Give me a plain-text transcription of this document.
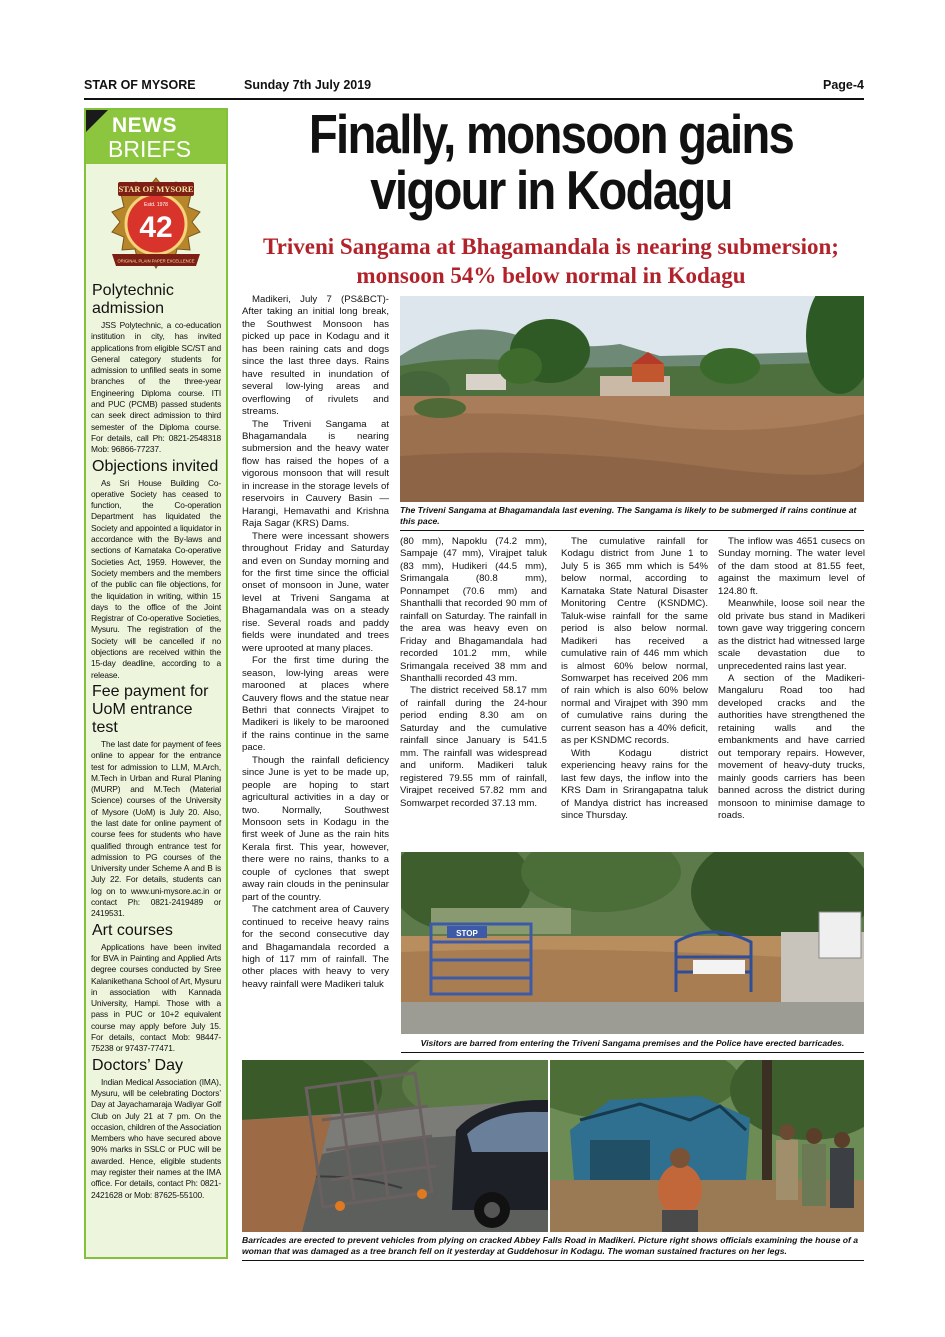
STAR OF MYSORE	Sunday 7th July 2019	Page-4
NEWS
BRIEFS
STAR OF MYSORE
Estd. 1978
42
ORIGINAL PLAIN PAPER EXCELLENCE
Polytechnic admission

JSS Polytechnic, a co-education institution in city, has invited applications from eligible SC/ST and General category students for admission to unfilled seats in some branches of the three-year Engineering Diploma course. ITI and PUC (PCMB) passed students can seek direct admission to third semester of the Diploma course. For details, call Ph: 0821-2548318 Mob: 96866-77237.

Objections invited

As Sri House Building Co-operative Society has ceased to function, the Co-operation Department has liquidated the Society and appointed a liquidator in accordance with the By-laws and sections of Karnataka Co-operative Societies Act, 1959. However, the Society members and the members of the public can file objections, for the liquidation in writing, within 15 days to the office of the Joint Registrar of Co-operative Societies, Mysuru. The registration of the Society will be cancelled if no objections are received within the 15-day deadline, according to a release.

Fee payment for UoM entrance test

The last date for payment of fees online to appear for the entrance test for admission to LLM, M.Arch, M.Tech in Urban and Rural Planing (MURP) and M.Tech (Material Science) courses of the University of Mysore (UoM) is July 20. Also, the last date for online payment of course fees for students who have qualified through entrance test for admission to PG courses of the University under Scheme A and B is July 22. For details, students can log on to www.uni-mysore.ac.in or contact Ph: 0821-2419489 or 2419531.

Art courses

Applications have been invited for BVA in Painting and Applied Arts degree courses conducted by Sree Kalanikethana School of Art, Mysuru in association with Kannada University, Hampi. Those with a pass in PUC or 10+2 equivalent course may apply before July 15. For details, contact Mob: 98447-75238 or 97437-77471.

Doctors’ Day

Indian Medical Association (IMA), Mysuru, will be celebrating Doctors’ Day at Jayachamaraja Wadiyar Golf Club on July 21 at 7 pm. On the occasion, children of the Association Members who have secured above 90% marks in SSLC or PUC will be awarded. Hence, eligible students may register their names at the IMA office. For details, contact Ph: 0821-2421628 or Mob: 87625-55100.

Finally, monsoon gains vigour in Kodagu
Triveni Sangama at Bhagamandala is nearing submersion; monsoon 54% below normal in Kodagu

Madikeri, July 7 (PS&BCT)- After taking an initial long break, the Southwest Monsoon has picked up pace in Kodagu and it has been raining cats and dogs since the last three days. Rains have resulted in inundation of several low-lying areas and overflowing of rivulets and streams.

The Triveni Sangama at Bhagamandala is nearing submersion and the heavy water flow has raised the hopes of a vigorous monsoon that will result in increase in the storage levels of reservoirs in Cauvery Basin — Harangi, Hemavathi and Krishna Raja Sagar (KRS) Dams.

There were incessant showers throughout Friday and Saturday and even on Sunday morning and for the first time since the official onset of monsoon in June, water level at Triveni Sangama at Bhagamandala was on a steady rise. Several roads and paddy fields were inundated and trees were uprooted at many places.

For the first time during the season, low-lying areas were marooned at places where Cauvery flows and the statue near Bethri that connects Virajpet to Madikeri is likely to be marooned if the rains continue in the same pace.

Though the rainfall deficiency since June is yet to be made up, people are hoping to start agricultural activities in a day or two. Normally, Southwest Monsoon sets in Kodagu in the first week of June as the rain hits Kerala first. This year, however, there were no rains, thanks to a couple of cyclones that swept away rain clouds in the peninsular part of the country.

The catchment area of Cauvery continued to receive heavy rains for the second consecutive day and Bhagamandala recorded a high of 117 mm of rainfall. The other places with heavy to very heavy rainfall were Madikeri taluk

The Triveni Sangama at Bhagamandala last evening. The Sangama is likely to be submerged if rains continue at this pace.

(80 mm), Napoklu (74.2 mm), Sampaje (47 mm), Virajpet taluk (83 mm), Hudikeri (44.5 mm), Srimangala (80.8 mm), Ponnampet (70.6 mm) and Shanthalli that recorded 90 mm of rainfall on Saturday. The rainfall in the area was heavy even on Friday and Bhagamandala had recorded 101.2 mm, while Srimangala received 38 mm and Shanthalli recorded 43 mm.

The district received 58.17 mm of rainfall during the 24-hour period ending 8.30 am on Saturday and the cumulative rainfall since January is 541.5 mm. The rainfall was widespread and uniform. Madikeri taluk registered 79.55 mm of rainfall, Virajpet received 57.82 mm and Somwarpet recorded 37.13 mm.

The cumulative rainfall for Kodagu district from June 1 to July 5 is 365 mm which is 54% below normal, according to Karnataka State Natural Disaster Monitoring Centre (KSNDMC). Taluk-wise rainfall for the same period is also below normal. Madikeri has received a cumulative rain of 446 mm which is almost 60% below normal, Somwarpet has received 206 mm of rain which is also 60% below normal and Virajpet with 390 mm of cumulative rains during the current season has a 40% deficit, as per KSNDMC records.

With Kodagu district experiencing heavy rains for the last few days, the inflow into the KRS Dam in Srirangapatna taluk of Mandya district has increased since Thursday.

The inflow was 4651 cusecs on Sunday morning. The water level of the dam stood at 81.55 feet, against the maximum level of 124.80 ft.

Meanwhile, loose soil near the old private bus stand in Madikeri town gave way triggering concern as the district had witnessed large scale devastation due to unprecedented rains last year.

A section of the Madikeri-Mangaluru Road too had developed cracks and the authorities have strengthened the retaining walls and the embankments and have carried out temporary repairs. However, movement of heavy-duty trucks, mainly goods carriers has been banned across the district during monsoon to minimise damage to roads.

STOP
Visitors are barred from entering the Triveni Sangama premises and the Police have erected barricades.
Barricades are erected to prevent vehicles from plying on cracked Abbey Falls Road in Madikeri. Picture right shows officials examining the house of a woman that was damaged as a tree branch fell on it yesterday at Guddehosur in Kodagu. The woman sustained fractures on her legs.
